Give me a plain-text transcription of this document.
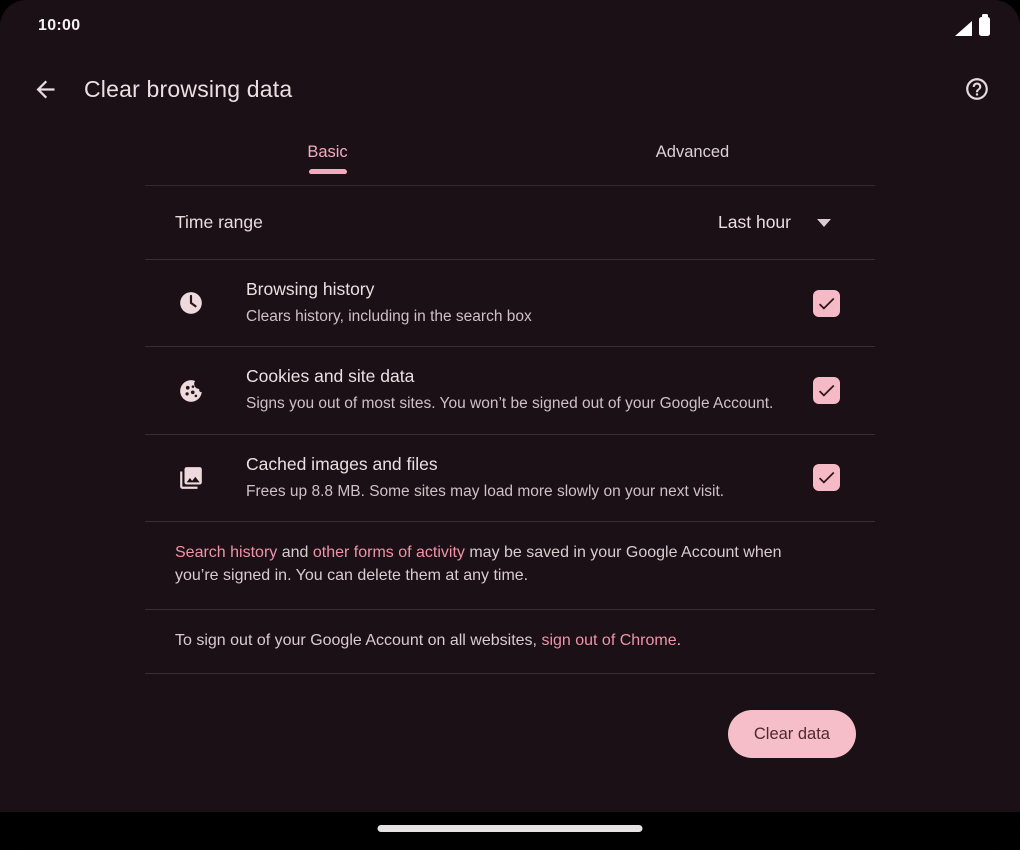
10:00
Clear browsing data
Basic	Advanced
Time range	Last hour
Browsing history
Clears history, including in the search box
Cookies and site data
Signs you out of most sites. You won’t be signed out of your Google Account.
Cached images and files
Frees up 8.8 MB. Some sites may load more slowly on your next visit.
Search history and other forms of activity may be saved in your Google Account when you’re signed in. You can delete them at any time.
To sign out of your Google Account on all websites, sign out of Chrome.
Clear data
